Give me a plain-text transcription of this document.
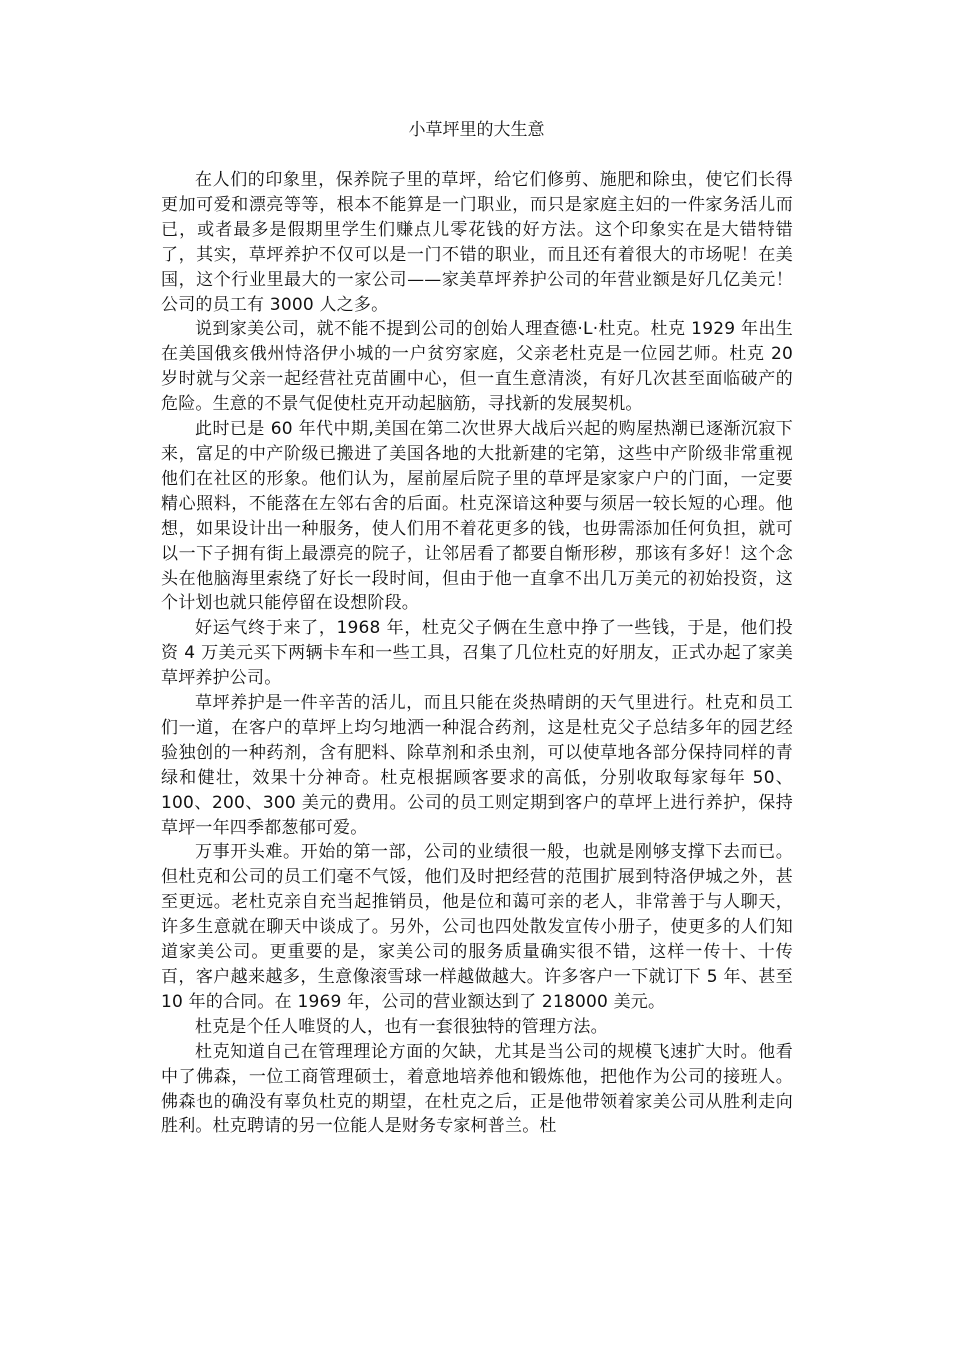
小草坪里的大生意

在人们的印象里，保养院子里的草坪，给它们修剪、施肥和除虫，使它们长得更加可爱和漂亮等等，根本不能算是一门职业，而只是家庭主妇的一件家务活儿而已，或者最多是假期里学生们赚点儿零花钱的好方法。这个印象实在是大错特错了，其实，草坪养护不仅可以是一门不错的职业，而且还有着很大的市场呢！在美国，这个行业里最大的一家公司——家美草坪养护公司的年营业额是好几亿美元！公司的员工有 3000 人之多。

说到家美公司，就不能不提到公司的创始人理查德·L·杜克。杜克 1929 年出生在美国俄亥俄州恃洛伊小城的一户贫穷家庭，父亲老杜克是一位园艺师。杜克 20 岁时就与父亲一起经营社克苗圃中心，但一直生意清淡，有好几次甚至面临破产的危险。生意的不景气促使杜克开动起脑筋，寻找新的发展契机。

此时已是 60 年代中期,美国在第二次世界大战后兴起的购屋热潮已逐渐沉寂下来，富足的中产阶级已搬进了美国各地的大批新建的宅第，这些中产阶级非常重视他们在社区的形象。他们认为，屋前屋后院子里的草坪是家家户户的门面，一定要精心照料，不能落在左邻右舍的后面。杜克深谙这种要与须居一较长短的心理。他想，如果设计出一种服务，使人们用不着花更多的钱，也毋需添加任何负担，就可以一下子拥有街上最漂亮的院子，让邻居看了都要自惭形秽，那该有多好！这个念头在他脑海里索绕了好长一段时间，但由于他一直拿不出几万美元的初始投资，这个计划也就只能停留在设想阶段。

好运气终于来了，1968 年，杜克父子俩在生意中挣了一些钱，于是，他们投资 4 万美元买下两辆卡车和一些工具，召集了几位杜克的好朋友，正式办起了家美草坪养护公司。

草坪养护是一件辛苦的活儿，而且只能在炎热晴朗的天气里进行。杜克和员工们一道，在客户的草坪上均匀地洒一种混合药剂，这是杜克父子总结多年的园艺经验独创的一种药剂，含有肥料、除草剂和杀虫剂，可以使草地各部分保持同样的青绿和健壮，效果十分神奇。杜克根据顾客要求的高低，分别收取每家每年 50、100、200、300 美元的费用。公司的员工则定期到客户的草坪上进行养护，保持草坪一年四季都葱郁可爱。

万事开头难。开始的第一部，公司的业绩很一般，也就是刚够支撑下去而已。但杜克和公司的员工们毫不气馁，他们及时把经营的范围扩展到特洛伊城之外，甚至更远。老杜克亲自充当起推销员，他是位和蔼可亲的老人，非常善于与人聊天，许多生意就在聊天中谈成了。另外，公司也四处散发宣传小册子，使更多的人们知道家美公司。更重要的是，家美公司的服务质量确实很不错，这样一传十、十传百，客户越来越多，生意像滚雪球一样越做越大。许多客户一下就订下 5 年、甚至 10 年的合同。在 1969 年，公司的营业额达到了 218000 美元。

杜克是个任人唯贤的人，也有一套很独特的管理方法。

杜克知道自己在管理理论方面的欠缺，尤其是当公司的规模飞速扩大时。他看中了佛森，一位工商管理硕士，着意地培养他和锻炼他，把他作为公司的接班人。佛森也的确没有辜负杜克的期望，在杜克之后，正是他带领着家美公司从胜利走向胜利。杜克聘请的另一位能人是财务专家柯普兰。杜
